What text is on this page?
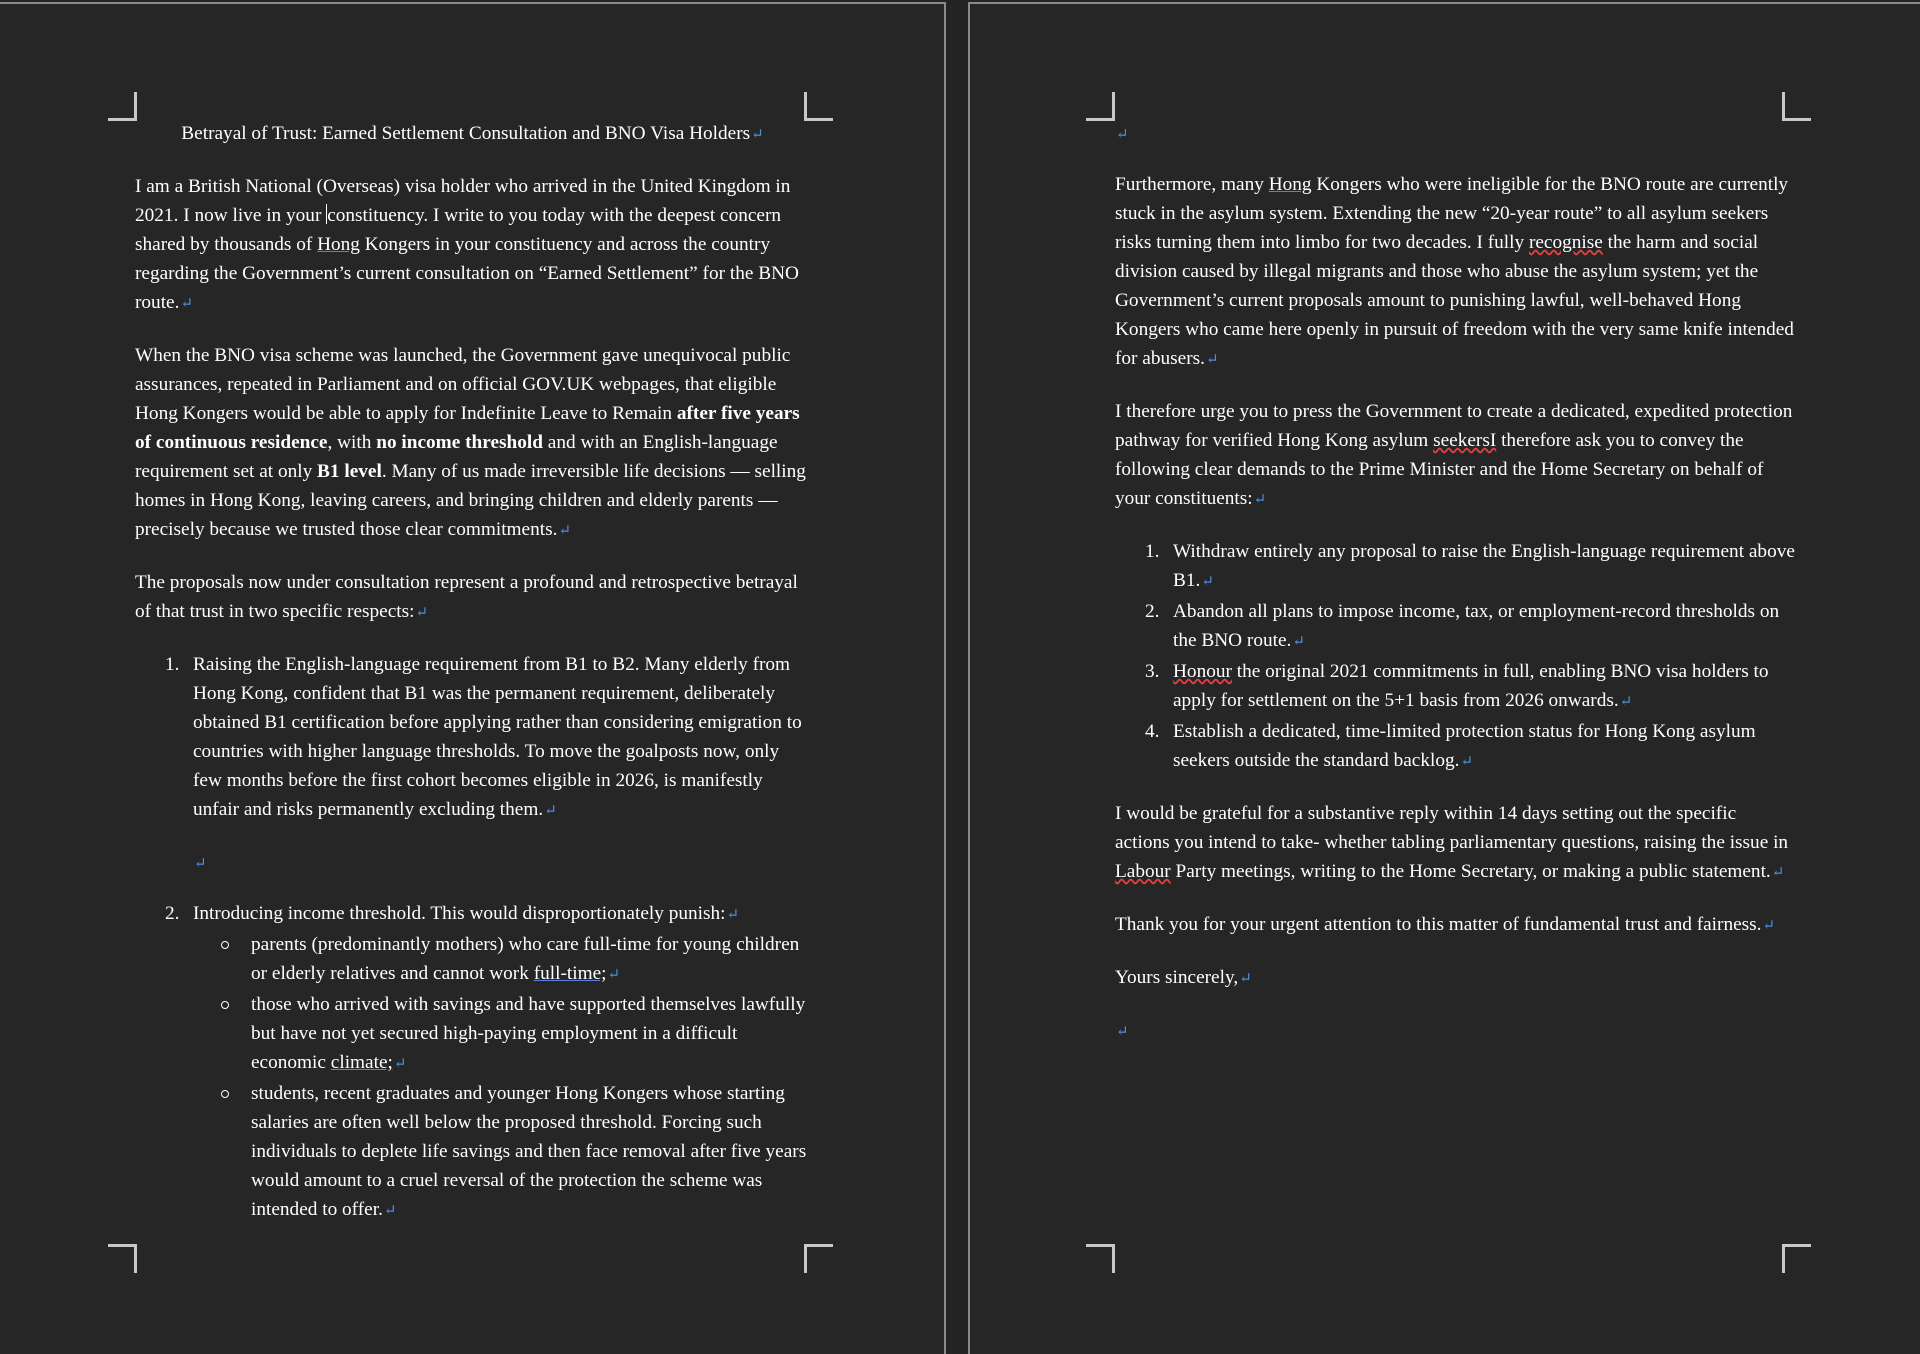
Betrayal of Trust: Earned Settlement Consultation and BNO Visa Holders↵

I am a British National (Overseas) visa holder who arrived in the United Kingdom in 2021. I now live in your constituency. I write to you today with the deepest concern shared by thousands of Hong Kongers in your constituency and across the country regarding the Government’s current consultation on “Earned Settlement” for the BNO route.↵

When the BNO visa scheme was launched, the Government gave unequivocal public assurances, repeated in Parliament and on official GOV.UK webpages, that eligible Hong Kongers would be able to apply for Indefinite Leave to Remain after five years of continuous residence, with no income threshold and with an English-language requirement set at only B1 level. Many of us made irreversible life decisions — selling homes in Hong Kong, leaving careers, and bringing children and elderly parents — precisely because we trusted those clear commitments.↵

The proposals now under consultation represent a profound and retrospective betrayal of that trust in two specific respects:↵

1. Raising the English-language requirement from B1 to B2. Many elderly from Hong Kong, confident that B1 was the permanent requirement, deliberately obtained B1 certification before applying rather than considering emigration to countries with higher language thresholds. To move the goalposts now, only few months before the first cohort becomes eligible in 2026, is manifestly unfair and risks permanently excluding them.↵
↵
2. Introducing income threshold. This would disproportionately punish:↵
parents (predominantly mothers) who care full-time for young children or elderly relatives and cannot work full-time;↵
those who arrived with savings and have supported themselves lawfully but have not yet secured high-paying employment in a difficult economic climate;↵
students, recent graduates and younger Hong Kongers whose starting salaries are often well below the proposed threshold. Forcing such individuals to deplete life savings and then face removal after five years would amount to a cruel reversal of the protection the scheme was intended to offer.↵
↵

Furthermore, many Hong Kongers who were ineligible for the BNO route are currently stuck in the asylum system. Extending the new “20-year route” to all asylum seekers risks turning them into limbo for two decades. I fully recognise the harm and social division caused by illegal migrants and those who abuse the asylum system; yet the Government’s current proposals amount to punishing lawful, well-behaved Hong Kongers who came here openly in pursuit of freedom with the very same knife intended for abusers.↵

I therefore urge you to press the Government to create a dedicated, expedited protection pathway for verified Hong Kong asylum seekersI therefore ask you to convey the following clear demands to the Prime Minister and the Home Secretary on behalf of your constituents:↵

1. Withdraw entirely any proposal to raise the English-language requirement above B1.↵
2. Abandon all plans to impose income, tax, or employment-record thresholds on the BNO route.↵
3. Honour the original 2021 commitments in full, enabling BNO visa holders to apply for settlement on the 5+1 basis from 2026 onwards.↵
4. Establish a dedicated, time-limited protection status for Hong Kong asylum seekers outside the standard backlog.↵

I would be grateful for a substantive reply within 14 days setting out the specific actions you intend to take- whether tabling parliamentary questions, raising the issue in Labour Party meetings, writing to the Home Secretary, or making a public statement.↵

Thank you for your urgent attention to this matter of fundamental trust and fairness.↵

Yours sincerely,↵

↵
